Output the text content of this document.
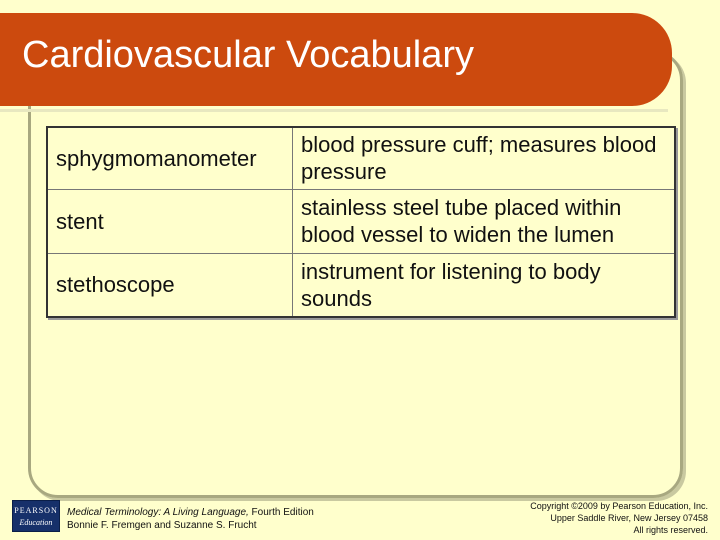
Cardiovascular Vocabulary
sphygmomanometer	blood pressure cuff; measures blood pressure
stent	stainless steel tube placed within blood vessel to widen the lumen
stethoscope	instrument for listening to body sounds
PEARSON
Education
Medical Terminology: A Living Language, Fourth Edition
Bonnie F. Fremgen and Suzanne S. Frucht
Copyright ©2009 by Pearson Education, Inc.
Upper Saddle River, New Jersey 07458
All rights reserved.
